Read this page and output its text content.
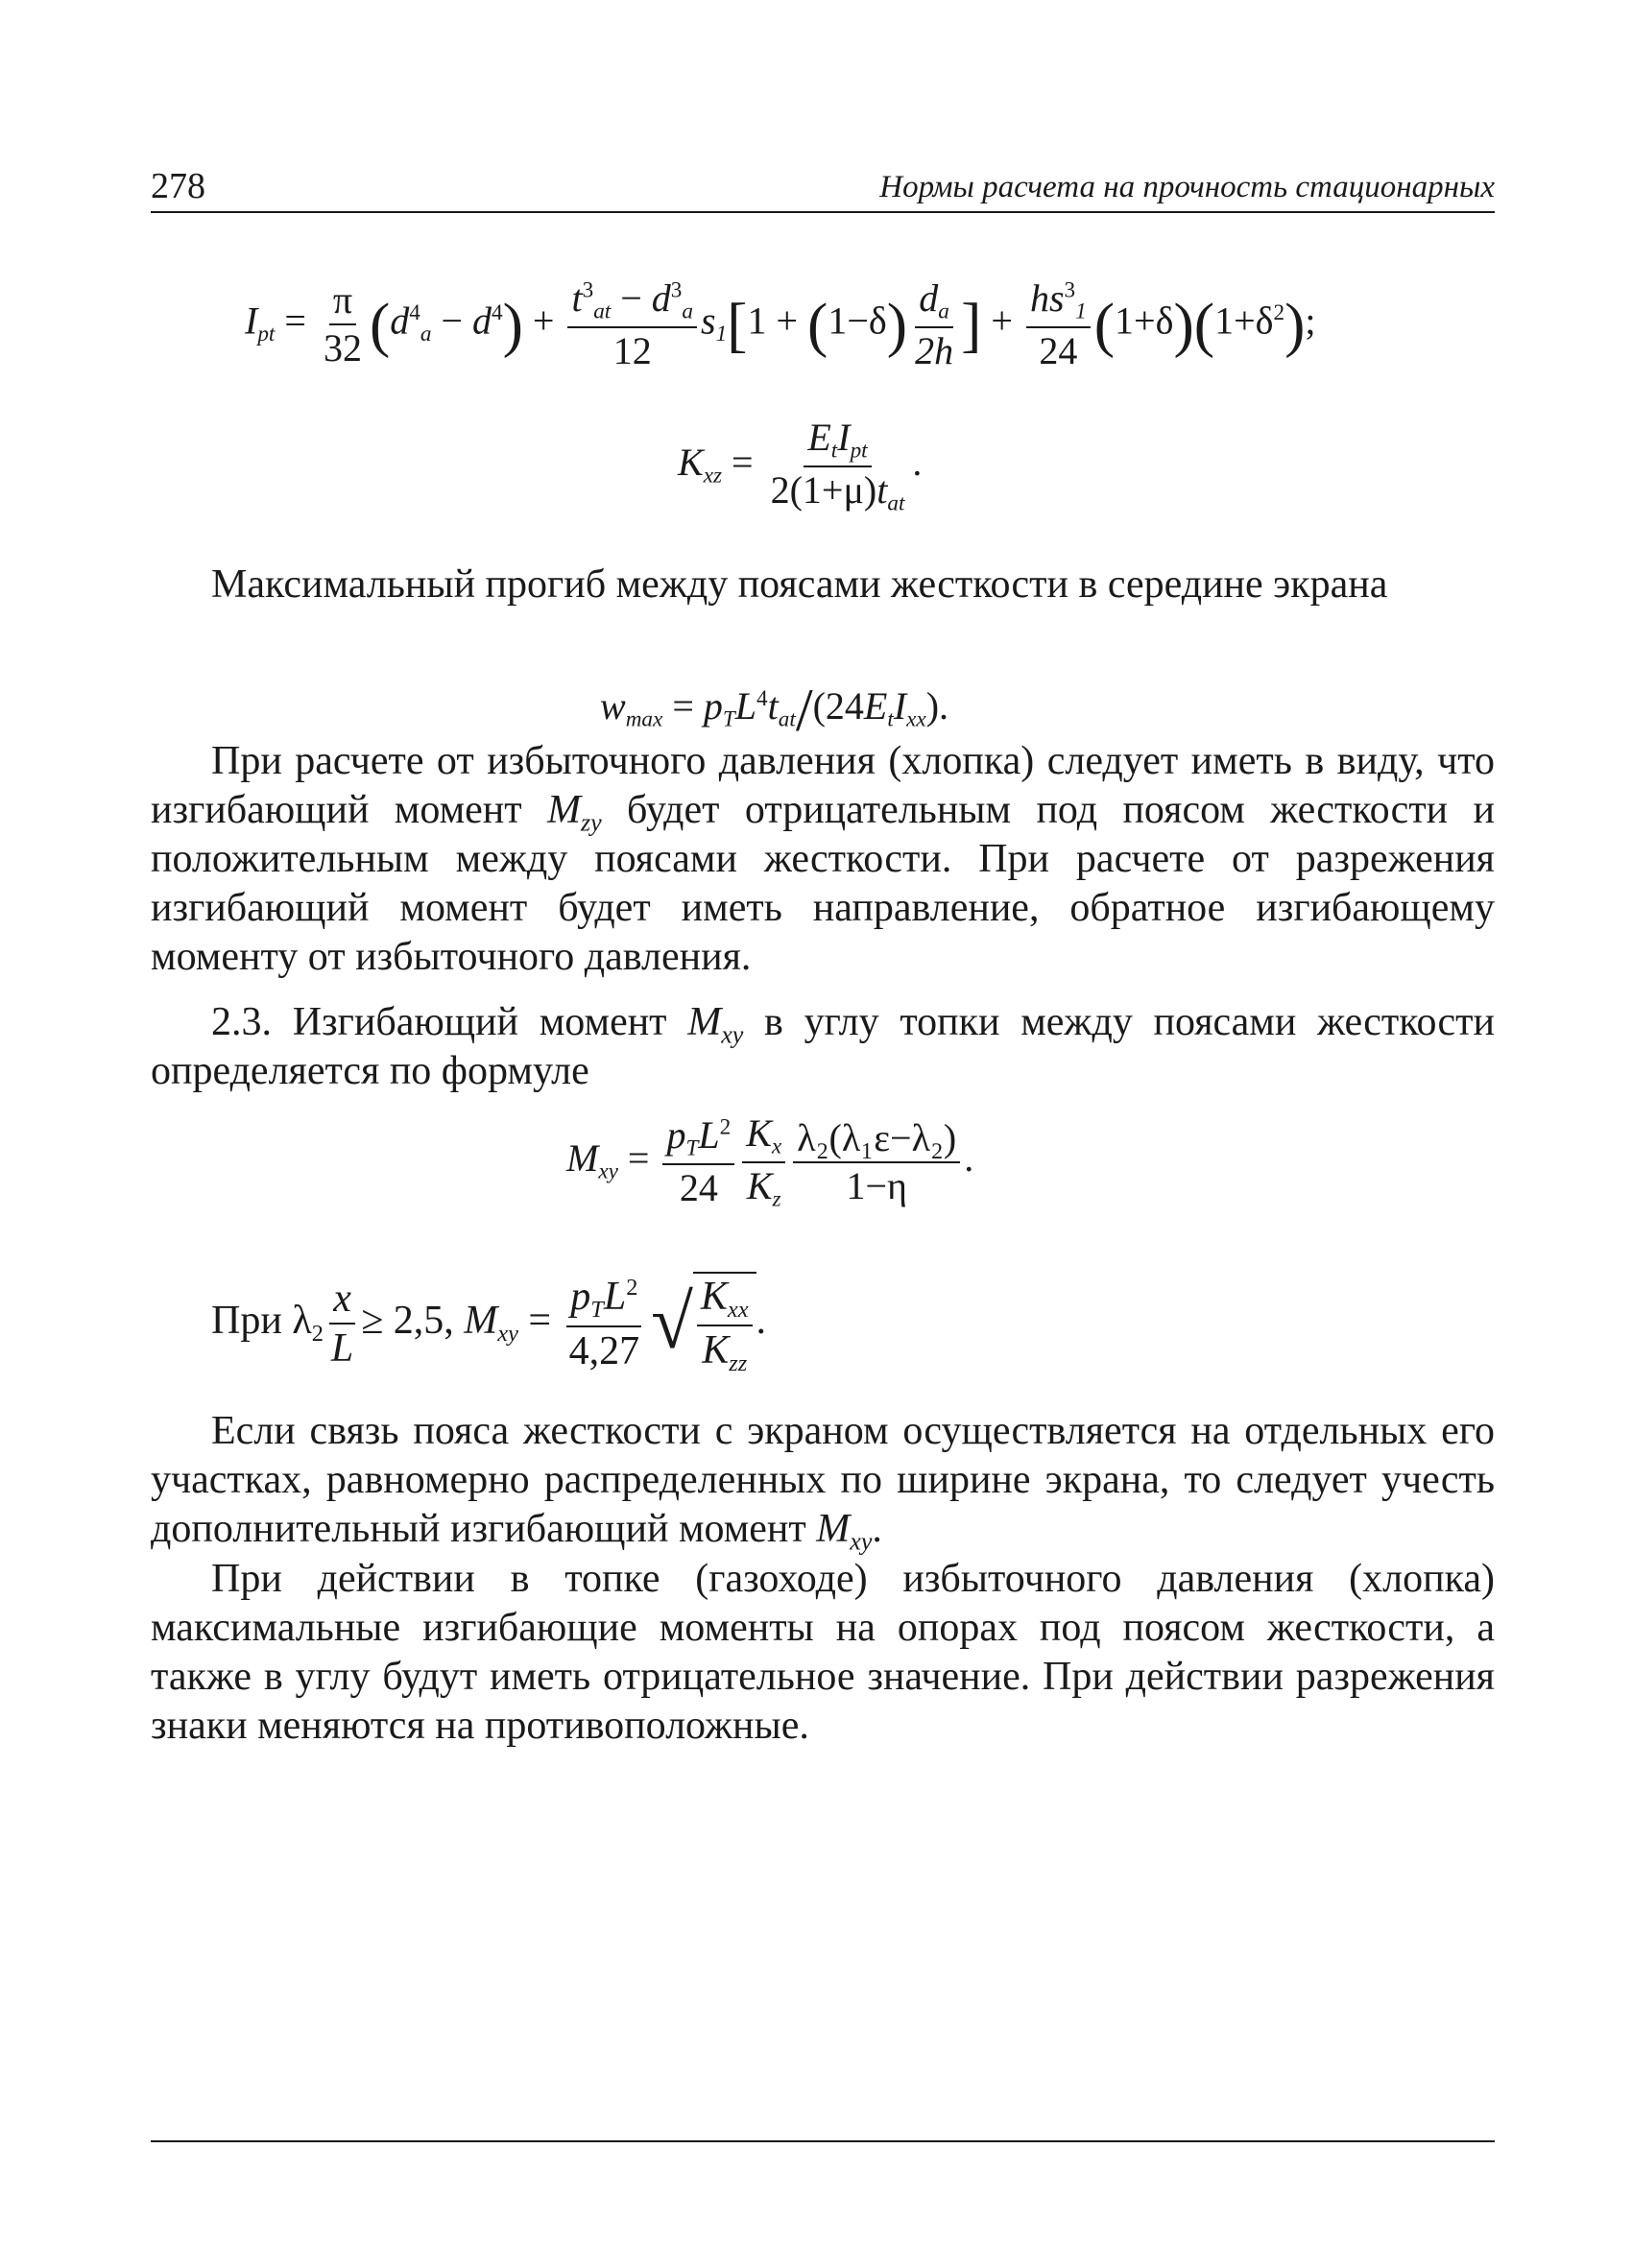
278	Нормы расчета на прочность стационарных
$I_{pt} = \frac{\pi}{32} (d^4_a - d^4) + \frac{t^3_{at} - d^3_a}{12} s_1[1 + (1-\delta) \frac{d_a}{2h}$ ] + $\frac{hs^3_1}{24} (1+\delta)(1+\delta^2)$;
$K_{xz} = \frac{E_tI_{pt}}{2(1+\mu)t_{at}}$ .

Максимальный прогиб между поясами жесткости в середине экрана

$w_{max} = p_TL^4t_{at}/(24E_tI_{xx})$.

При расчете от избыточного давления (хлопка) следует иметь в виду, что изгибающий момент $M_{zy}$ будет отрицательным под поясом жесткости и положительным между поясами жесткости. При расчете от разрежения изгибающий момент будет иметь направление, обратное изгибающему моменту от избыточного давления.

2.3. Изгибающий момент $M_{xy}$ в углу топки между поясами жесткости определяется по формуле

$M_{xy} = \frac{p_TL^2}{24} \frac{K_x}{K_z} \frac{\text{λ₂(λ₁ε−λ₂)}}{1-\eta}$ .
При $\lambda_2 \frac{x}{L} \ge 2,5$, $M_{xy} = \frac{p_TL^2}{4,27}$ √ $\frac{K_{xx}}{K_{zz}}$ .

Если связь пояса жесткости с экраном осуществляется на отдельных его участках, равномерно распределенных по ширине экрана, то следует учесть дополнительный изгибающий момент $M_{xy}$.

При действии в топке (газоходе) избыточного давления (хлопка) максимальные изгибающие моменты на опорах под поясом жесткости, а также в углу будут иметь отрицательное значение. При действии разрежения знаки меняются на противоположные.
